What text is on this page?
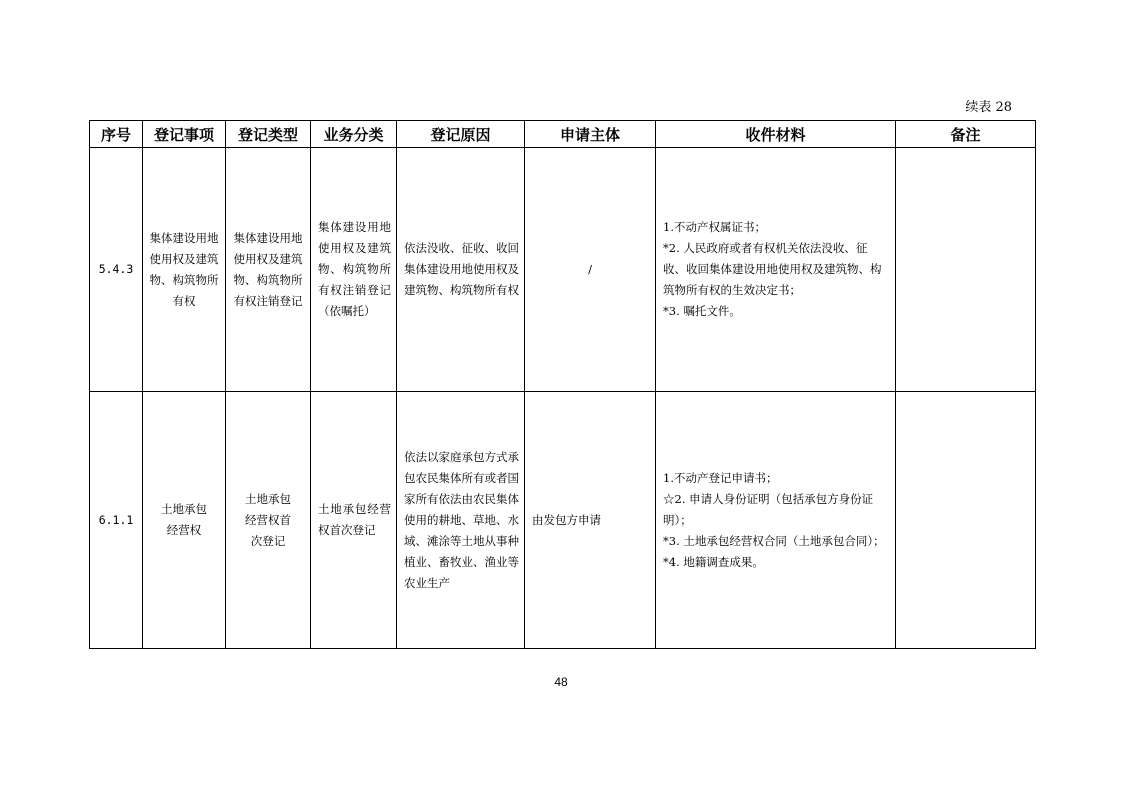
续表 28
序号	登记事项	登记类型	业务分类	登记原因	申请主体	收件材料	备注
5.4.3	集体建设用地使用权及建筑物、构筑物所有权	集体建设用地使用权及建筑物、构筑物所有权注销登记	集体建设用地使用权及建筑物、构筑物所有权注销登记（依嘱托）	依法没收、征收、收回集体建设用地使用权及建筑物、构筑物所有权	/	1.不动产权属证书；
*2. 人民政府或者有权机关依法没收、征收、收回集体建设用地使用权及建筑物、构筑物所有权的生效决定书；
*3. 嘱托文件。	

6.1.1	土地承包经营权	土地承包经营权首次登记	土地承包经营权首次登记	依法以家庭承包方式承包农民集体所有或者国家所有依法由农民集体使用的耕地、草地、水域、滩涂等土地从事种植业、畜牧业、渔业等农业生产	由发包方申请	1.不动产登记申请书；
☆2. 申请人身份证明（包括承包方身份证明）；
*3. 土地承包经营权合同（土地承包合同）；
*4. 地籍调查成果。	

48
